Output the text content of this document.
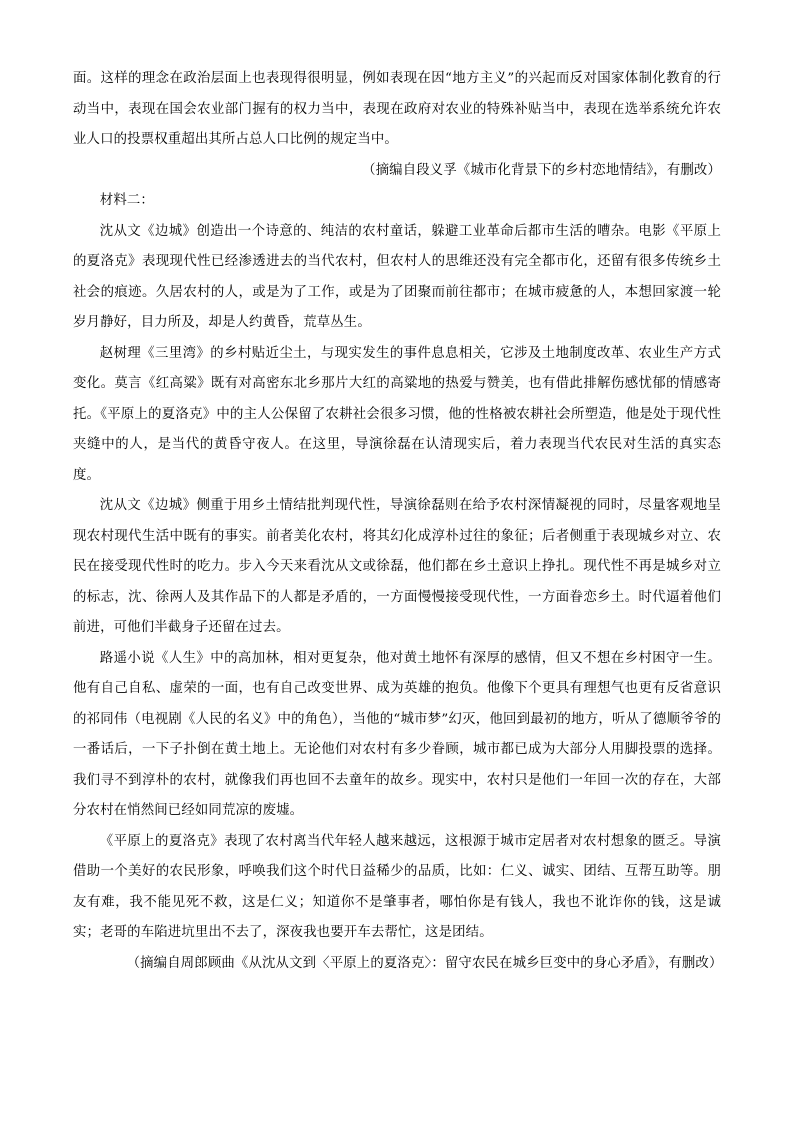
面。这样的理念在政治层面上也表现得很明显，例如表现在因“地方主义”的兴起而反对国家体制化教育的行动当中，表现在国会农业部门握有的权力当中，表现在政府对农业的特殊补贴当中，表现在选举系统允许农业人口的投票权重超出其所占总人口比例的规定当中。

（摘编自段义孚《城市化背景下的乡村恋地情结》，有删改）

材料二：

沈从文《边城》创造出一个诗意的、纯洁的农村童话，躲避工业革命后都市生活的嘈杂。电影《平原上的夏洛克》表现现代性已经渗透进去的当代农村，但农村人的思维还没有完全都市化，还留有很多传统乡土社会的痕迹。久居农村的人，或是为了工作，或是为了团聚而前往都市；在城市疲惫的人，本想回家渡一轮岁月静好，目力所及，却是人约黄昏，荒草丛生。

赵树理《三里湾》的乡村贴近尘土，与现实发生的事件息息相关，它涉及土地制度改革、农业生产方式变化。莫言《红高粱》既有对高密东北乡那片大红的高粱地的热爱与赞美，也有借此排解伤感忧郁的情感寄托。《平原上的夏洛克》中的主人公保留了农耕社会很多习惯，他的性格被农耕社会所塑造，他是处于现代性夹缝中的人，是当代的黄昏守夜人。在这里，导演徐磊在认清现实后，着力表现当代农民对生活的真实态度。

沈从文《边城》侧重于用乡土情结批判现代性，导演徐磊则在给予农村深情凝视的同时，尽量客观地呈现农村现代生活中既有的事实。前者美化农村，将其幻化成淳朴过往的象征；后者侧重于表现城乡对立、农民在接受现代性时的吃力。步入今天来看沈从文或徐磊，他们都在乡土意识上挣扎。现代性不再是城乡对立的标志，沈、徐两人及其作品下的人都是矛盾的，一方面慢慢接受现代性，一方面眷恋乡土。时代逼着他们前进，可他们半截身子还留在过去。

路遥小说《人生》中的高加林，相对更复杂，他对黄土地怀有深厚的感情，但又不想在乡村困守一生。他有自己自私、虚荣的一面，也有自己改变世界、成为英雄的抱负。他像下个更具有理想气也更有反省意识的祁同伟（电视剧《人民的名义》中的角色），当他的“城市梦”幻灭，他回到最初的地方，听从了德顺爷爷的一番话后，一下子扑倒在黄土地上。无论他们对农村有多少眷顾，城市都已成为大部分人用脚投票的选择。我们寻不到淳朴的农村，就像我们再也回不去童年的故乡。现实中，农村只是他们一年回一次的存在，大部分农村在悄然间已经如同荒凉的废墟。

《平原上的夏洛克》表现了农村离当代年轻人越来越远，这根源于城市定居者对农村想象的匮乏。导演借助一个美好的农民形象，呼唤我们这个时代日益稀少的品质，比如：仁义、诚实、团结、互帮互助等。朋友有难，我不能见死不救，这是仁义；知道你不是肇事者，哪怕你是有钱人，我也不讹诈你的钱，这是诚实；老哥的车陷进坑里出不去了，深夜我也要开车去帮忙，这是团结。

（摘编自周郎顾曲《从沈从文到〈平原上的夏洛克〉：留守农民在城乡巨变中的身心矛盾》，有删改）
